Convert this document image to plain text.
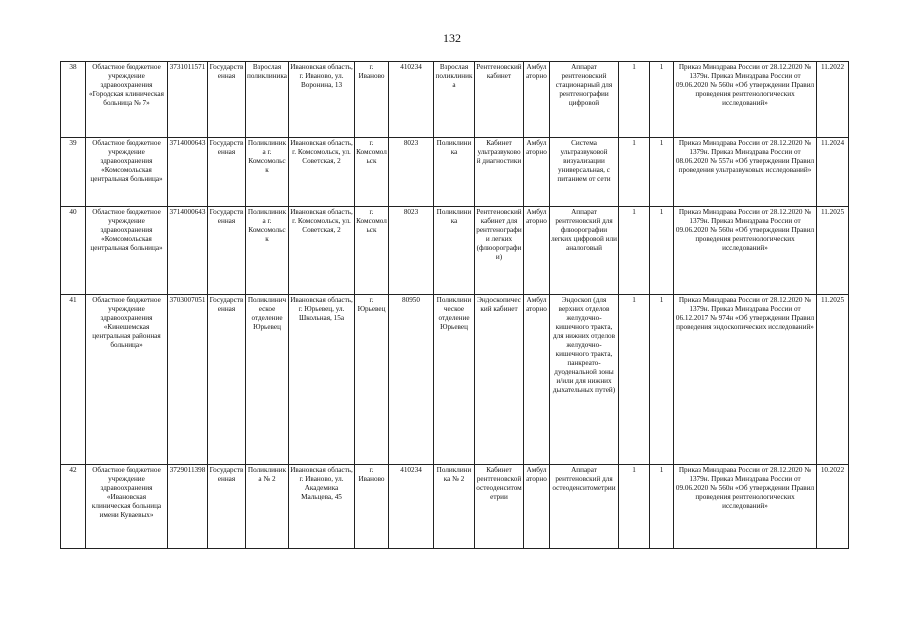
132
38	Областное бюджетное учреждение здравоохранения «Городская клиническая больница № 7»	3731011571	Государственная	Взрослая поликлиника	Ивановская область, г. Иваново, ул. Воронина, 13	г. Иваново	410234	Взрослая поликлиника	Рентгеновский кабинет	Амбулаторно	Аппарат рентгеновский стационарный для рентгенографии цифровой	1	1	Приказ Минздрава России от 28.12.2020 № 1379н. Приказ Минздрава России от 09.06.2020 № 560н «Об утверждении Правил проведения рентгенологических исследований»	11.2022
39	Областное бюджетное учреждение здравоохранения «Комсомольская центральная больница»	3714000643	Государственная	Поликлиника г. Комсомольск	Ивановская область, г. Комсомольск, ул. Советская, 2	г. Комсомольск	8023	Поликлиника	Кабинет ультразвуковой диагностики	Амбулаторно	Система ультразвуковой визуализации универсальная, с питанием от сети	1	1	Приказ Минздрава России от 28.12.2020 № 1379н. Приказ Минздрава России от 08.06.2020 № 557н «Об утверждении Правил проведения ультразвуковых исследований»	11.2024
40	Областное бюджетное учреждение здравоохранения «Комсомольская центральная больница»	3714000643	Государственная	Поликлиника г. Комсомольск	Ивановская область, г. Комсомольск, ул. Советская, 2	г. Комсомольск	8023	Поликлиника	Рентгеновский кабинет для рентгенографии легких (флюорографии)	Амбулаторно	Аппарат рентгеновский для флюорографии легких цифровой или аналоговый	1	1	Приказ Минздрава России от 28.12.2020 № 1379н. Приказ Минздрава России от 09.06.2020 № 560н «Об утверждении Правил проведения рентгенологических исследований»	11.2025
41	Областное бюджетное учреждение здравоохранения «Кинешемская центральная районная больница»	3703007051	Государственная	Поликлиническое отделение Юрьевец	Ивановская область, г. Юрьевец, ул. Школьная, 15а	г. Юрьевец	80950	Поликлиническое отделение Юрьевец	Эндоскопический кабинет	Амбулаторно	Эндоскоп (для верхних отделов желудочно-кишечного тракта, для нижних отделов желудочно-кишечного тракта, панкреато-дуоденальной зоны и/или для нижних дыхательных путей)	1	1	Приказ Минздрава России от 28.12.2020 № 1379н. Приказ Минздрава России от 06.12.2017 № 974н «Об утверждении Правил проведения эндоскопических исследований»	11.2025
42	Областное бюджетное учреждение здравоохранения «Ивановская клиническая больница имени Куваевых»	3729011398	Государственная	Поликлиника № 2	Ивановская область, г. Иваново, ул. Академика Мальцева, 45	г. Иваново	410234	Поликлиника № 2	Кабинет рентгеновской остеоденситометрии	Амбулаторно	Аппарат рентгеновский для остеоденситометрии	1	1	Приказ Минздрава России от 28.12.2020 № 1379н. Приказ Минздрава России от 09.06.2020 № 560н «Об утверждении Правил проведения рентгенологических исследований»	10.2022
